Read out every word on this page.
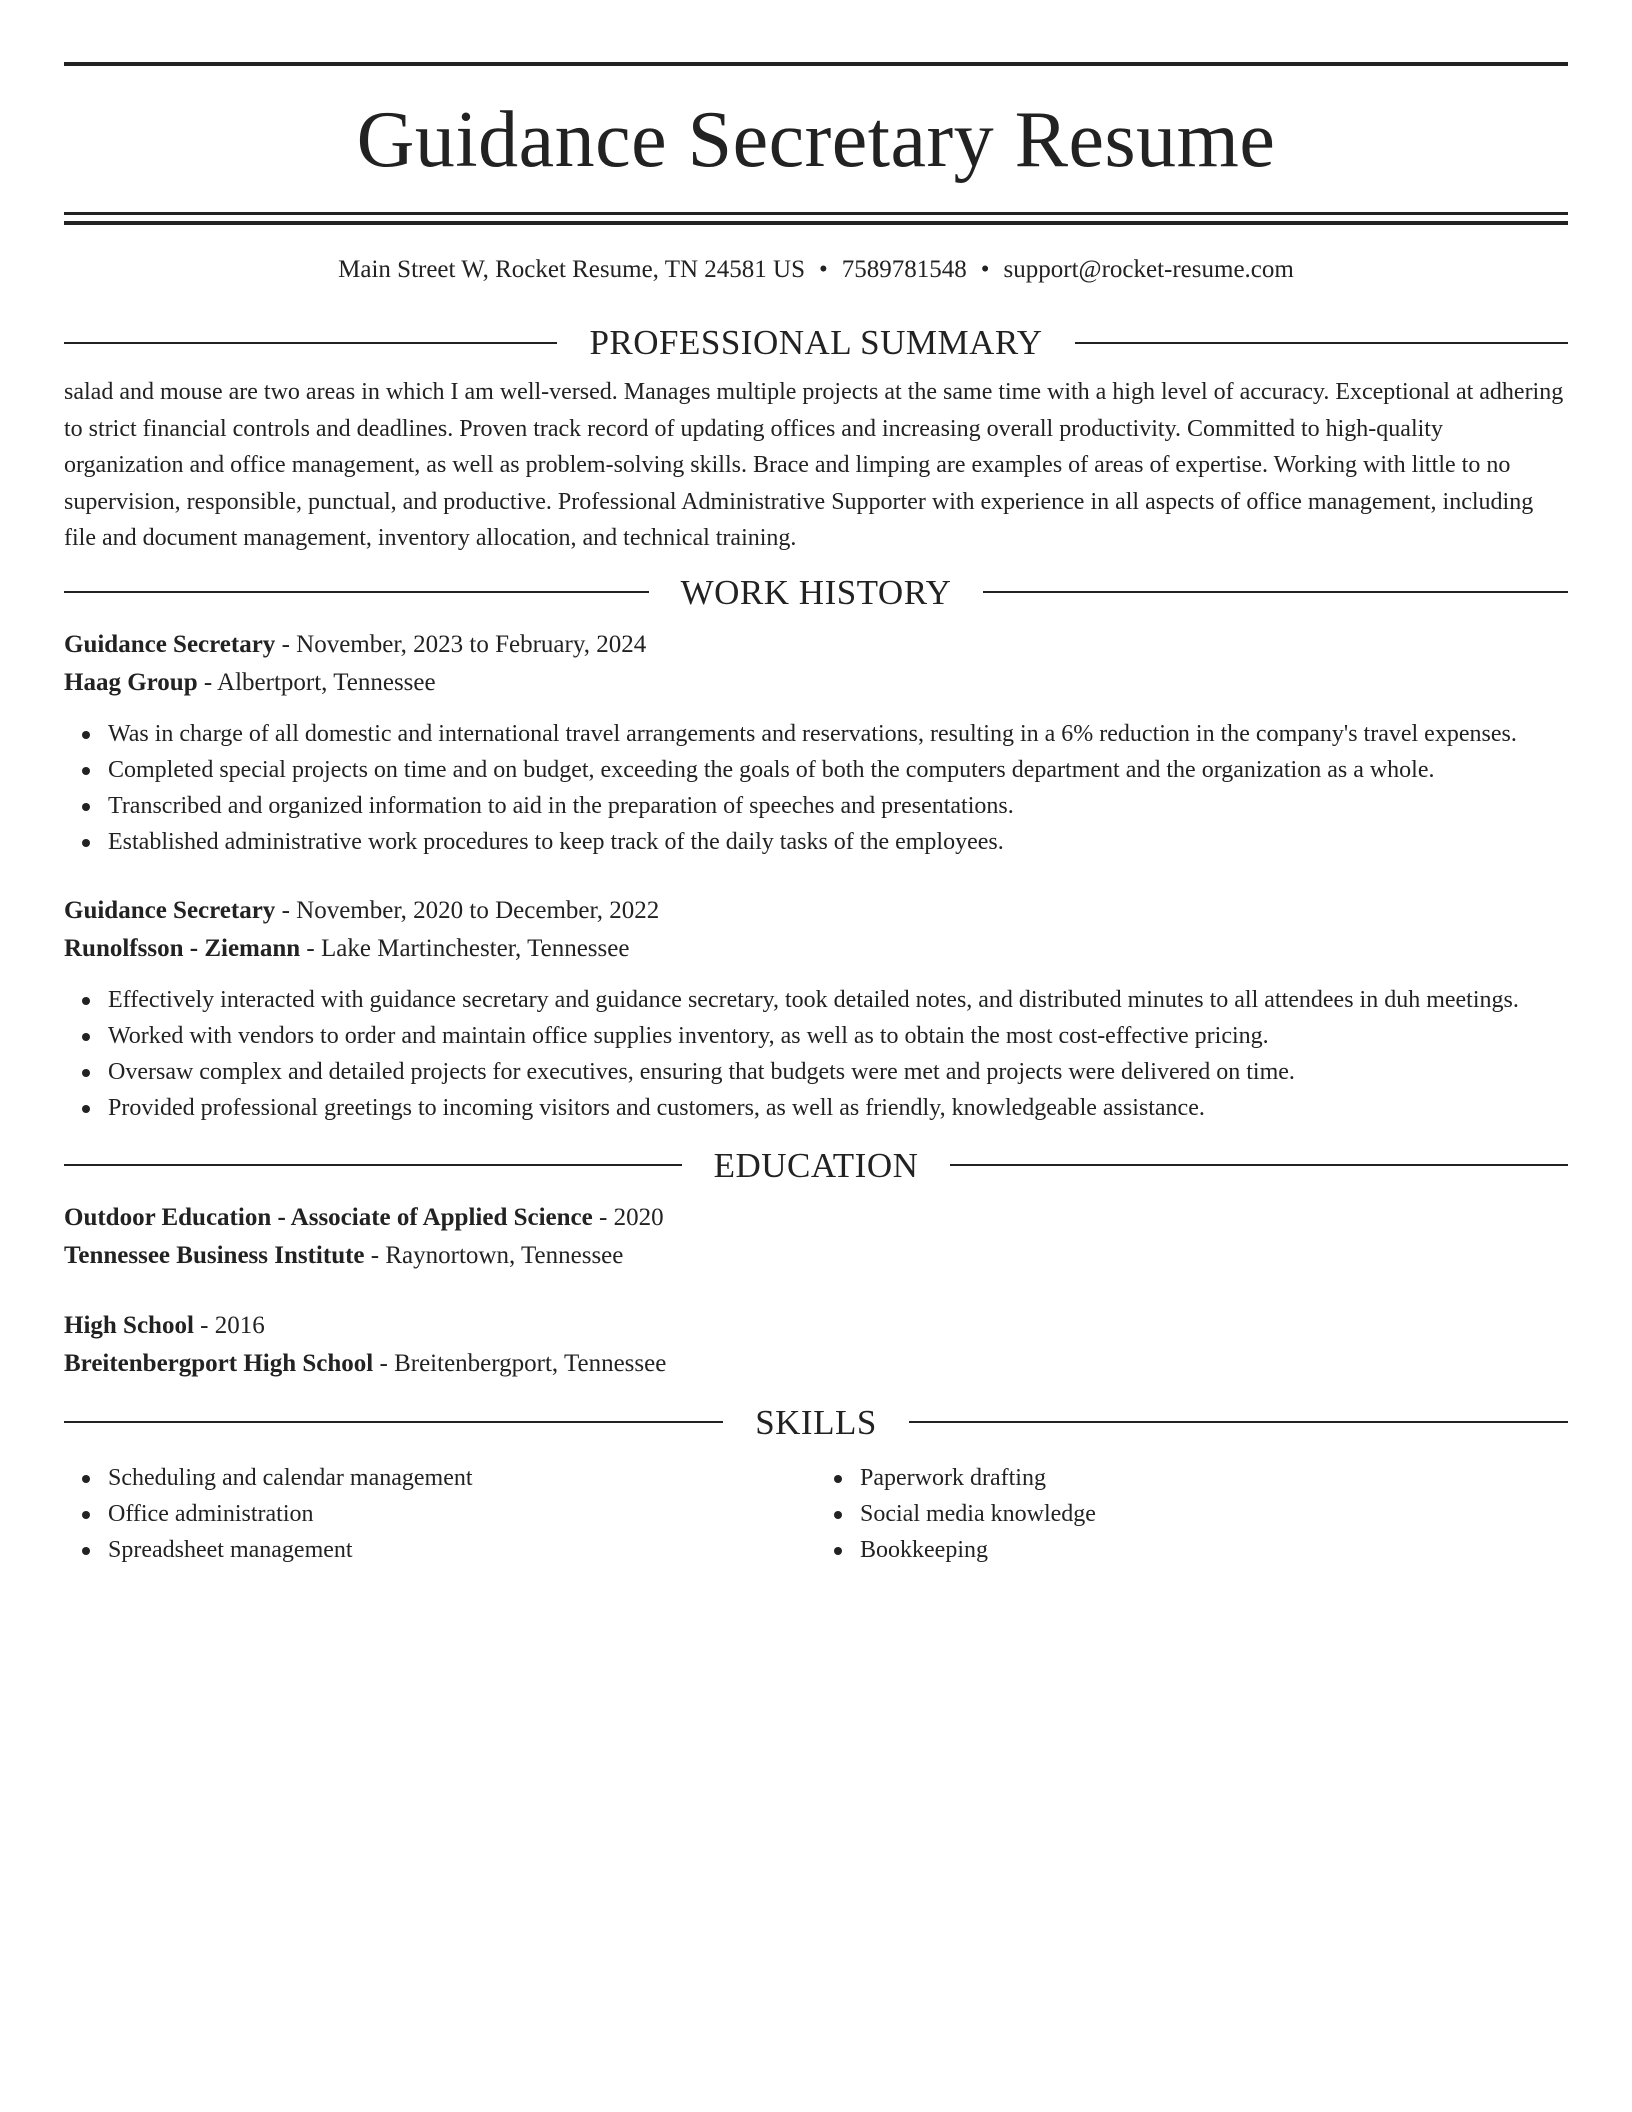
Guidance Secretary Resume
Main Street W, Rocket Resume, TN 24581 US • 7589781548 • support@rocket-resume.com
PROFESSIONAL SUMMARY

salad and mouse are two areas in which I am well-versed. Manages multiple projects at the same time with a high level of accuracy. Exceptional at adhering to strict financial controls and deadlines. Proven track record of updating offices and increasing overall productivity. Committed to high-quality organization and office management, as well as problem-solving skills. Brace and limping are examples of areas of expertise. Working with little to no supervision, responsible, punctual, and productive. Professional Administrative Supporter with experience in all aspects of office management, including file and document management, inventory allocation, and technical training.

WORK HISTORY

Guidance Secretary - November, 2023 to February, 2024

Haag Group - Albertport, Tennessee

Was in charge of all domestic and international travel arrangements and reservations, resulting in a 6% reduction in the company's travel expenses.
Completed special projects on time and on budget, exceeding the goals of both the computers department and the organization as a whole.
Transcribed and organized information to aid in the preparation of speeches and presentations.
Established administrative work procedures to keep track of the daily tasks of the employees.

Guidance Secretary - November, 2020 to December, 2022

Runolfsson - Ziemann - Lake Martinchester, Tennessee

Effectively interacted with guidance secretary and guidance secretary, took detailed notes, and distributed minutes to all attendees in duh meetings.
Worked with vendors to order and maintain office supplies inventory, as well as to obtain the most cost-effective pricing.
Oversaw complex and detailed projects for executives, ensuring that budgets were met and projects were delivered on time.
Provided professional greetings to incoming visitors and customers, as well as friendly, knowledgeable assistance.
EDUCATION

Outdoor Education - Associate of Applied Science - 2020

Tennessee Business Institute - Raynortown, Tennessee

High School - 2016

Breitenbergport High School - Breitenbergport, Tennessee

SKILLS
Scheduling and calendar management
Office administration
Spreadsheet management
Paperwork drafting
Social media knowledge
Bookkeeping
